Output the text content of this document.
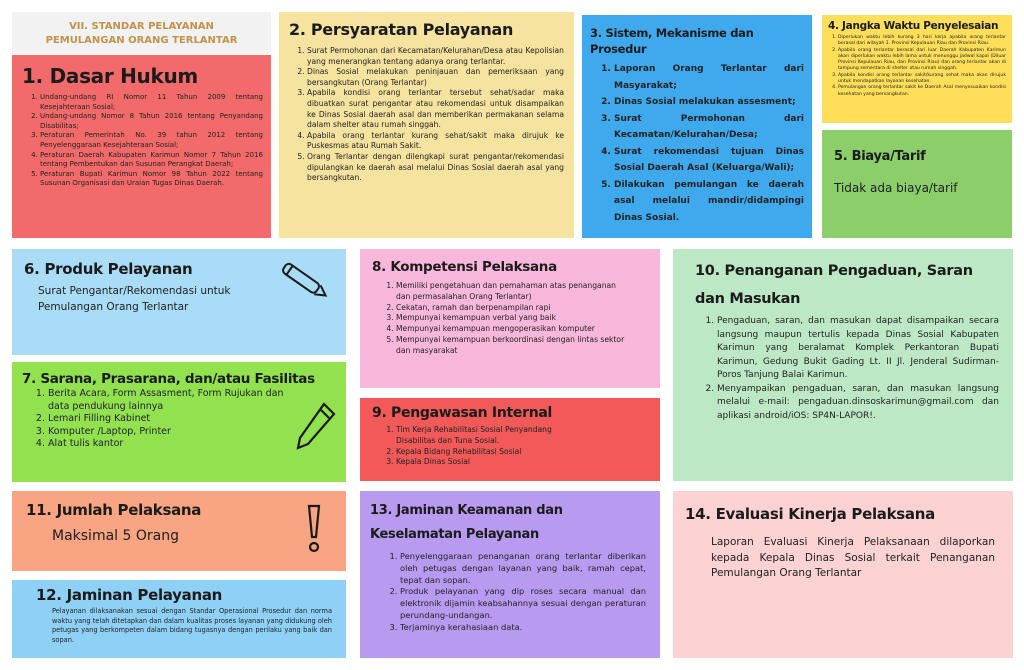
VII. STANDAR PELAYANAN
PEMULANGAN ORANG TERLANTAR
1. Dasar Hukum
1. Undang-undang RI Nomor 11 Tahun 2009 tentang Kesejahteraan Sosial;
2. Undang-undang Nomor 8 Tahun 2016 tentang Penyandang Disabilitas;
3. Peraturan Pemerintah No. 39 tahun 2012 tentang Penyelenggaraan Kesejahteraan Sosial;
4. Peraturan Daerah Kabupaten Karimun Nomor 7 Tahun 2016 tentang Pembentukan dan Susunan Perangkat Daerah;
5. Peraturan Bupati Karimun Nomor 98 Tahun 2022 tentang Susunan Organisasi dan Uraian Tugas Dinas Daerah.
2. Persyaratan Pelayanan
1. Surat Permohonan dari Kecamatan/Kelurahan/Desa atau Kepolisian yang menerangkan tentang adanya orang terlantar.
2. Dinas Sosial melakukan peninjauan dan pemeriksaan yang bersangkutan (Orang Terlantar)
3. Apabila kondisi orang terlantar tersebut sehat/sadar maka dibuatkan surat pengantar atau rekomendasi untuk disampaikan ke Dinas Sosial daerah asal dan memberikan permakanan selama dalam shelter atau rumah singgah.
4. Apabila orang terlantar kurang sehat/sakit maka dirujuk ke Puskesmas atau Rumah Sakit.
5. Orang Terlantar dengan dilengkapi surat pengantar/rekomendasi dipulangkan ke daerah asal melalui Dinas Sosial daerah asal yang bersangkutan.
3. Sistem, Mekanisme dan Prosedur
1. Laporan Orang Terlantar dari Masyarakat;
2. Dinas Sosial melakukan assesment;
3. Surat Permohonan dari Kecamatan/Kelurahan/Desa;
4. Surat rekomendasi tujuan Dinas Sosial Daerah Asal (Keluarga/Wali);
5. Dilakukan pemulangan ke daerah asal melalui mandir/didampingi Dinas Sosial.
4. Jangka Waktu Penyelesaian
1. Diperlukan waktu lebih kurang 3 hari kerja apabila orang terlantar berasal dari wilayah 1. Provinsi Kepulauan Riau dan Provinsi Riau.
2. Apabila orang terlantar berasal dari luar Daerah Kabupaten Karimun akan diperlukan waktu lebih lama untuk menunggu jadwal kapal (Diluar Provinsi Kepulauan Riau, dan Provinsi Riau) dan orang terlantar akan di tampung sementara di shelter atau rumah singgah.
3. Apabila kondisi orang terlantar sakit/kurang sehat maka akan dirujuk untuk mendapatkan layanan kesehatan.
4. Pemulangan orang terlantar sakit ke Daerah Asal menyesuaikan kondisi kesehatan yang bersangkutan.
5. Biaya/Tarif
Tidak ada biaya/tarif
6. Produk Pelayanan
Surat Pengantar/Rekomendasi untuk Pemulangan Orang Terlantar
7. Sarana, Prasarana, dan/atau Fasilitas
1. Berita Acara, Form Assasment, Form Rujukan dan data pendukung lainnya
2. Lemari Filling Kabinet
3. Komputer /Laptop, Printer
4. Alat tulis kantor
8. Kompetensi Pelaksana
1. Memiliki pengetahuan dan pemahaman atas penanganan dan permasalahan Orang Terlantar)
2. Cekatan, ramah dan berpenampilan rapi
3. Mempunyai kemampuan verbal yang baik
4. Mempunyai kemampuan mengoperasikan komputer
5. Mempunyai kemampuan berkoordinasi dengan lintas sektor dan masyarakat
9. Pengawasan Internal
1. Tim Kerja Rehabilitasi Sosial Penyandang Disabilitas dan Tuna Sosial.
2. Kepala Bidang Rehabilitasi Sosial
3. Kepala Dinas Sosial
10. Penanganan Pengaduan, Saran dan Masukan
1. Pengaduan, saran, dan masukan dapat disampaikan secara langsung maupun tertulis kepada Dinas Sosial Kabupaten Karimun yang beralamat Komplek Perkantoran Bupati Karimun, Gedung Bukit Gading Lt. II Jl. Jenderal Sudirman-Poros Tanjung Balai Karimun.
2. Menyampaikan pengaduan, saran, dan masukan langsung melalui e-mail: pengaduan.dinsoskarimun@gmail.com dan aplikasi android/iOS: SP4N-LAPOR!.
11. Jumlah Pelaksana
Maksimal 5 Orang
12. Jaminan Pelayanan
Pelayanan dilaksanakan sesuai dengan Standar Operasional Prosedur dan norma waktu yang telah ditetapkan dan dalam kualitas proses layanan yang didukung oleh petugas yang berkompeten dalam bidang tugasnya dengan perilaku yang baik dan sopan.
13. Jaminan Keamanan dan Keselamatan Pelayanan
1. Penyelenggaraan penanganan orang terlantar diberikan oleh petugas dengan layanan yang baik, ramah cepat, tepat dan sopan.
2. Produk pelayanan yang dip roses secara manual dan elektronik dijamin keabsahannya sesuai dengan peraturan perundang-undangan.
3. Terjaminya kerahasiaan data.
14. Evaluasi Kinerja Pelaksana
Laporan Evaluasi Kinerja Pelaksanaan dilaporkan kepada Kepala Dinas Sosial terkait Penanganan Pemulangan Orang Terlantar
